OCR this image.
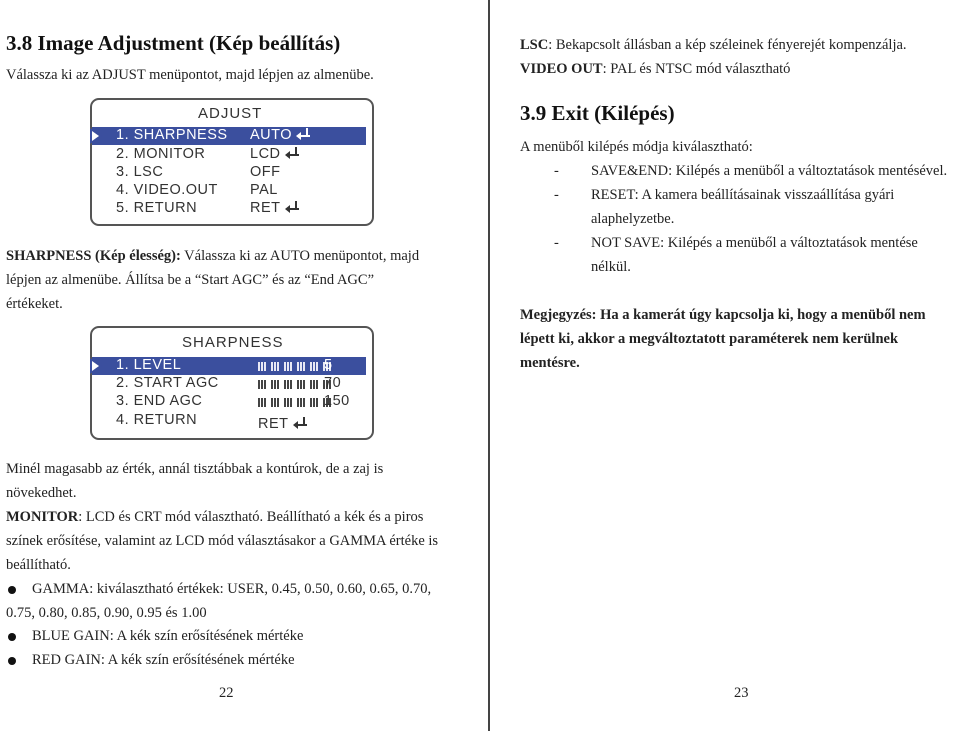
3.8 Image Adjustment (Kép beállítás)
Válassza ki az ADJUST menüpontot, majd lépjen az almenübe.
ADJUST
1. SHARPNESS AUTO
2. MONITOR	LCD
3. LSC	OFF
4. VIDEO.OUT PAL
5. RETURN	RET
SHARPNESS (Kép élesség): Válassza ki az AUTO menüpontot, majd
lépjen az almenübe. Állítsa be a “Start AGC” és az “End AGC”
értékeket.
SHARPNESS
1. LEVEL	5
2. START AGC	70
3. END AGC	150
4. RETURN	RET
Minél magasabb az érték, annál tisztábbak a kontúrok, de a zaj is
növekedhet.
MONITOR: LCD és CRT mód választható. Beállítható a kék és a piros
színek erősítése, valamint az LCD mód választásakor a GAMMA értéke is
beállítható.
GAMMA: kiválasztható értékek: USER, 0.45, 0.50, 0.60, 0.65, 0.70,
0.75, 0.80, 0.85, 0.90, 0.95 és 1.00
BLUE GAIN: A kék szín erősítésének mértéke
RED GAIN: A kék szín erősítésének mértéke
22
LSC: Bekapcsolt állásban a kép széleinek fényerejét kompenzálja.
VIDEO OUT: PAL és NTSC mód választható
3.9 Exit (Kilépés)
A menüből kilépés módja kiválasztható:
- SAVE&END: Kilépés a menüből a változtatások mentésével.
- RESET: A kamera beállításainak visszaállítása gyári
alaphelyzetbe.
- NOT SAVE: Kilépés a menüből a változtatások mentése
nélkül.
Megjegyzés: Ha a kamerát úgy kapcsolja ki, hogy a menüből nem
lépett ki, akkor a megváltoztatott paraméterek nem kerülnek
mentésre.
23
